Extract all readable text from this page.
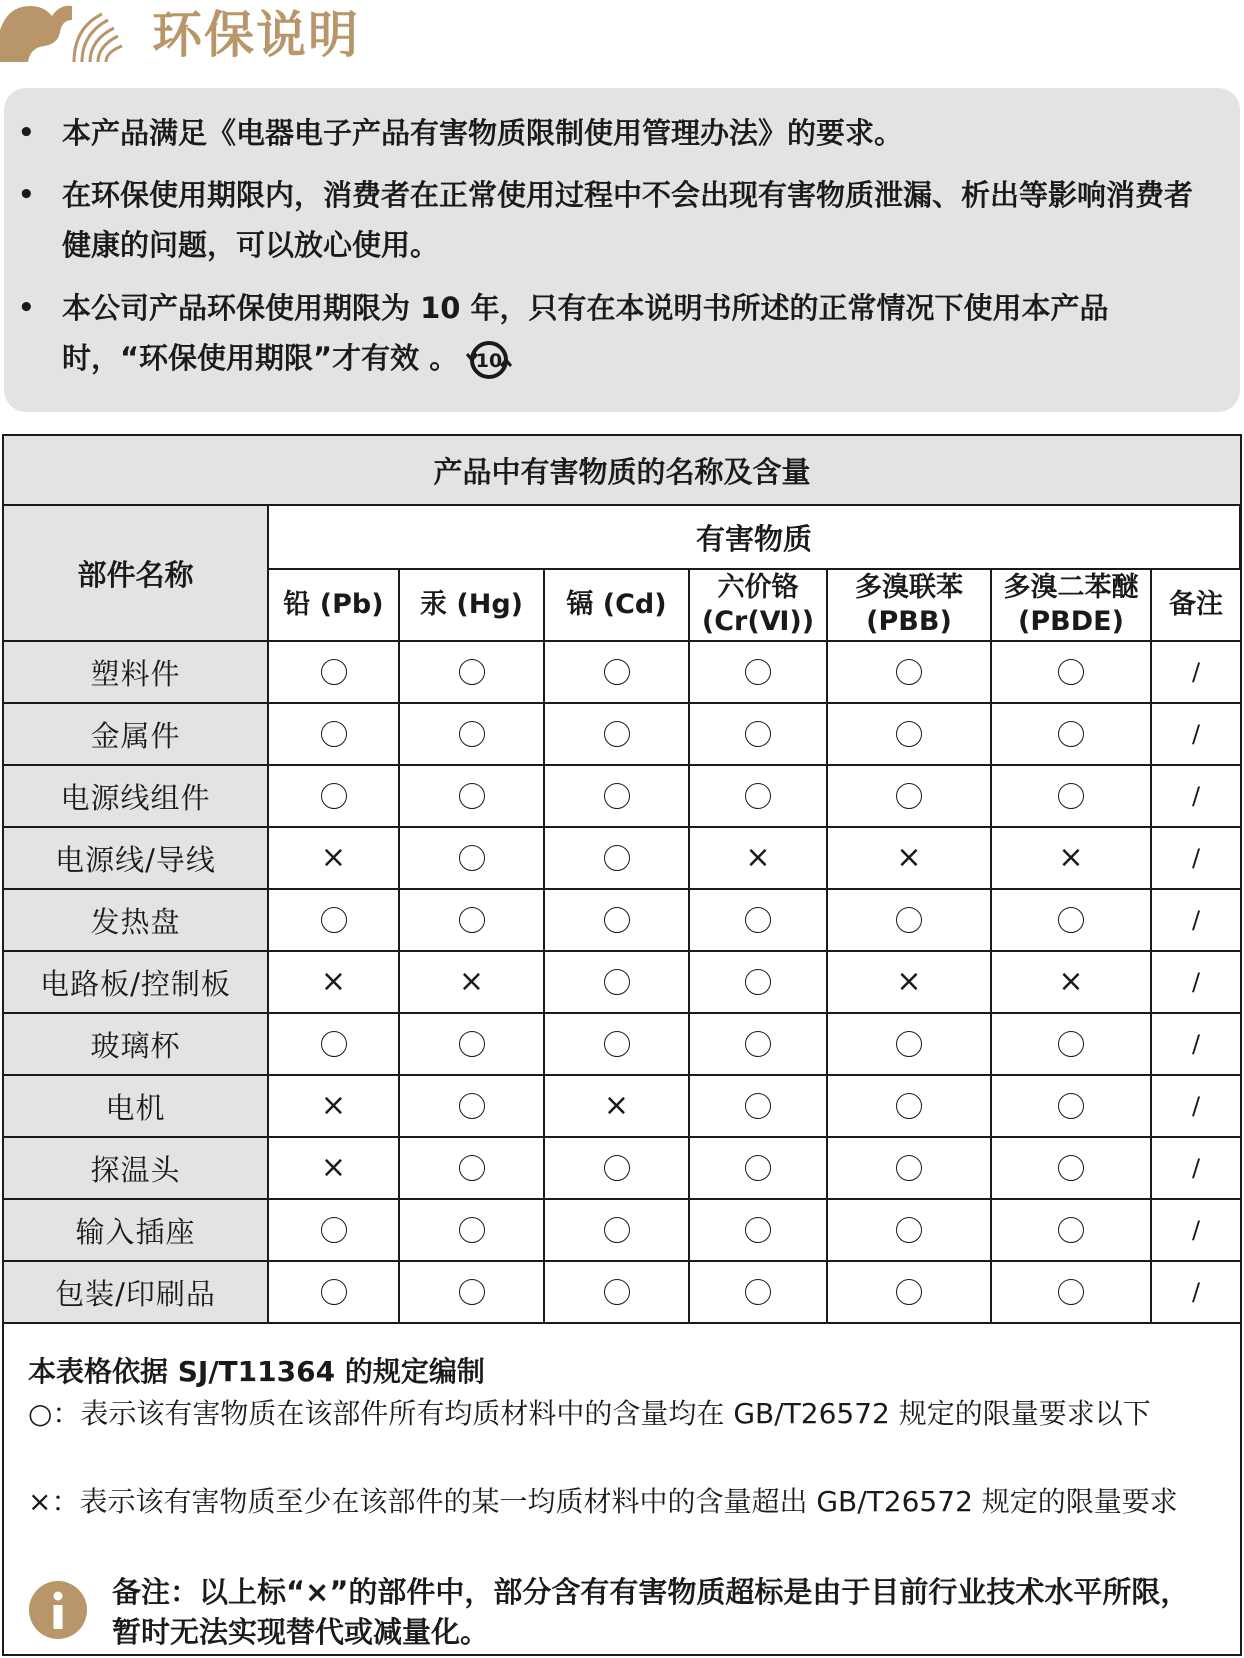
环保说明
• 本产品满足《电器电子产品有害物质限制使用管理办法》的要求。
• 在环保使用期限内，消费者在正常使用过程中不会出现有害物质泄漏、析出等影响消费者健康的问题，可以放心使用。
• 本公司产品环保使用期限为 10 年，只有在本说明书所述的正常情况下使用本产品时，“环保使用期限”才有效 。 10
产品中有害物质的名称及含量							
部件名称	有害物质						
	铅 (Pb)	汞 (Hg)	镉 (Cd)	六价铬 (Cr(Ⅵ))	多溴联苯 (PBB)	多溴二苯醚 (PBDE)	备注
塑料件							/
金属件							/
电源线组件							/
电源线/导线	×			×	×	×	/
发热盘							/
电路板/控制板	×	×			×	×	/
玻璃杯							/
电机	×		×				/
探温头	×						/
输入插座							/
包装/印刷品							/
本表格依据 SJ/T11364 的规定编制
○：表示该有害物质在该部件所有均质材料中的含量均在 GB/T26572 规定的限量要求以下
×：表示该有害物质至少在该部件的某一均质材料中的含量超出 GB/T26572 规定的限量要求
备注：以上标“×”的部件中，部分含有有害物质超标是由于目前行业技术水平所限，暂时无法实现替代或减量化。
